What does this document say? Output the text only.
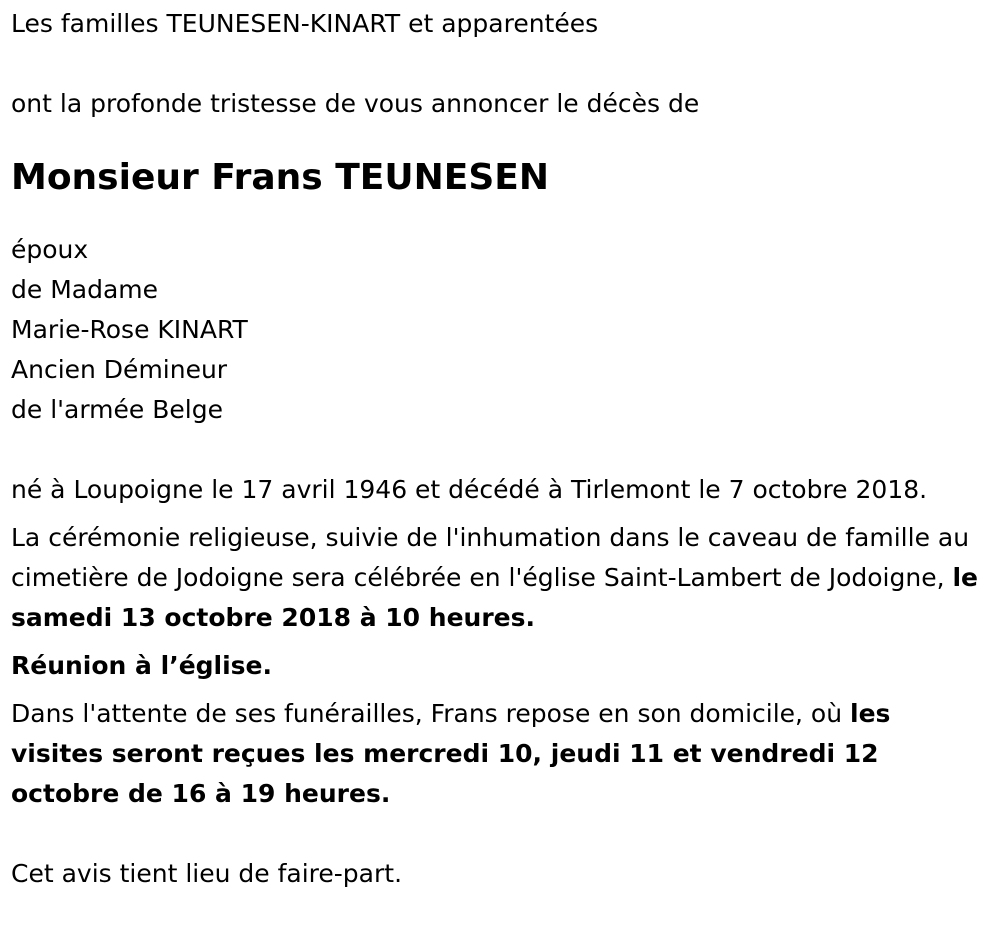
Les familles TEUNESEN-KINART et apparentées

ont la profonde tristesse de vous annoncer le décès de

Monsieur Frans TEUNESEN

époux

de Madame

Marie-Rose KINART

Ancien Démineur

de l'armée Belge

né à Loupoigne le 17 avril 1946 et décédé à Tirlemont le 7 octobre 2018.

La cérémonie religieuse, suivie de l'inhumation dans le caveau de famille au cimetière de Jodoigne sera célébrée en l'église Saint-Lambert de Jodoigne, le samedi 13 octobre 2018 à 10 heures.

Réunion à l’église.

Dans l'attente de ses funérailles, Frans repose en son domicile, où les visites seront reçues les mercredi 10, jeudi 11 et vendredi 12 octobre de 16 à 19 heures.

Cet avis tient lieu de faire-part.
